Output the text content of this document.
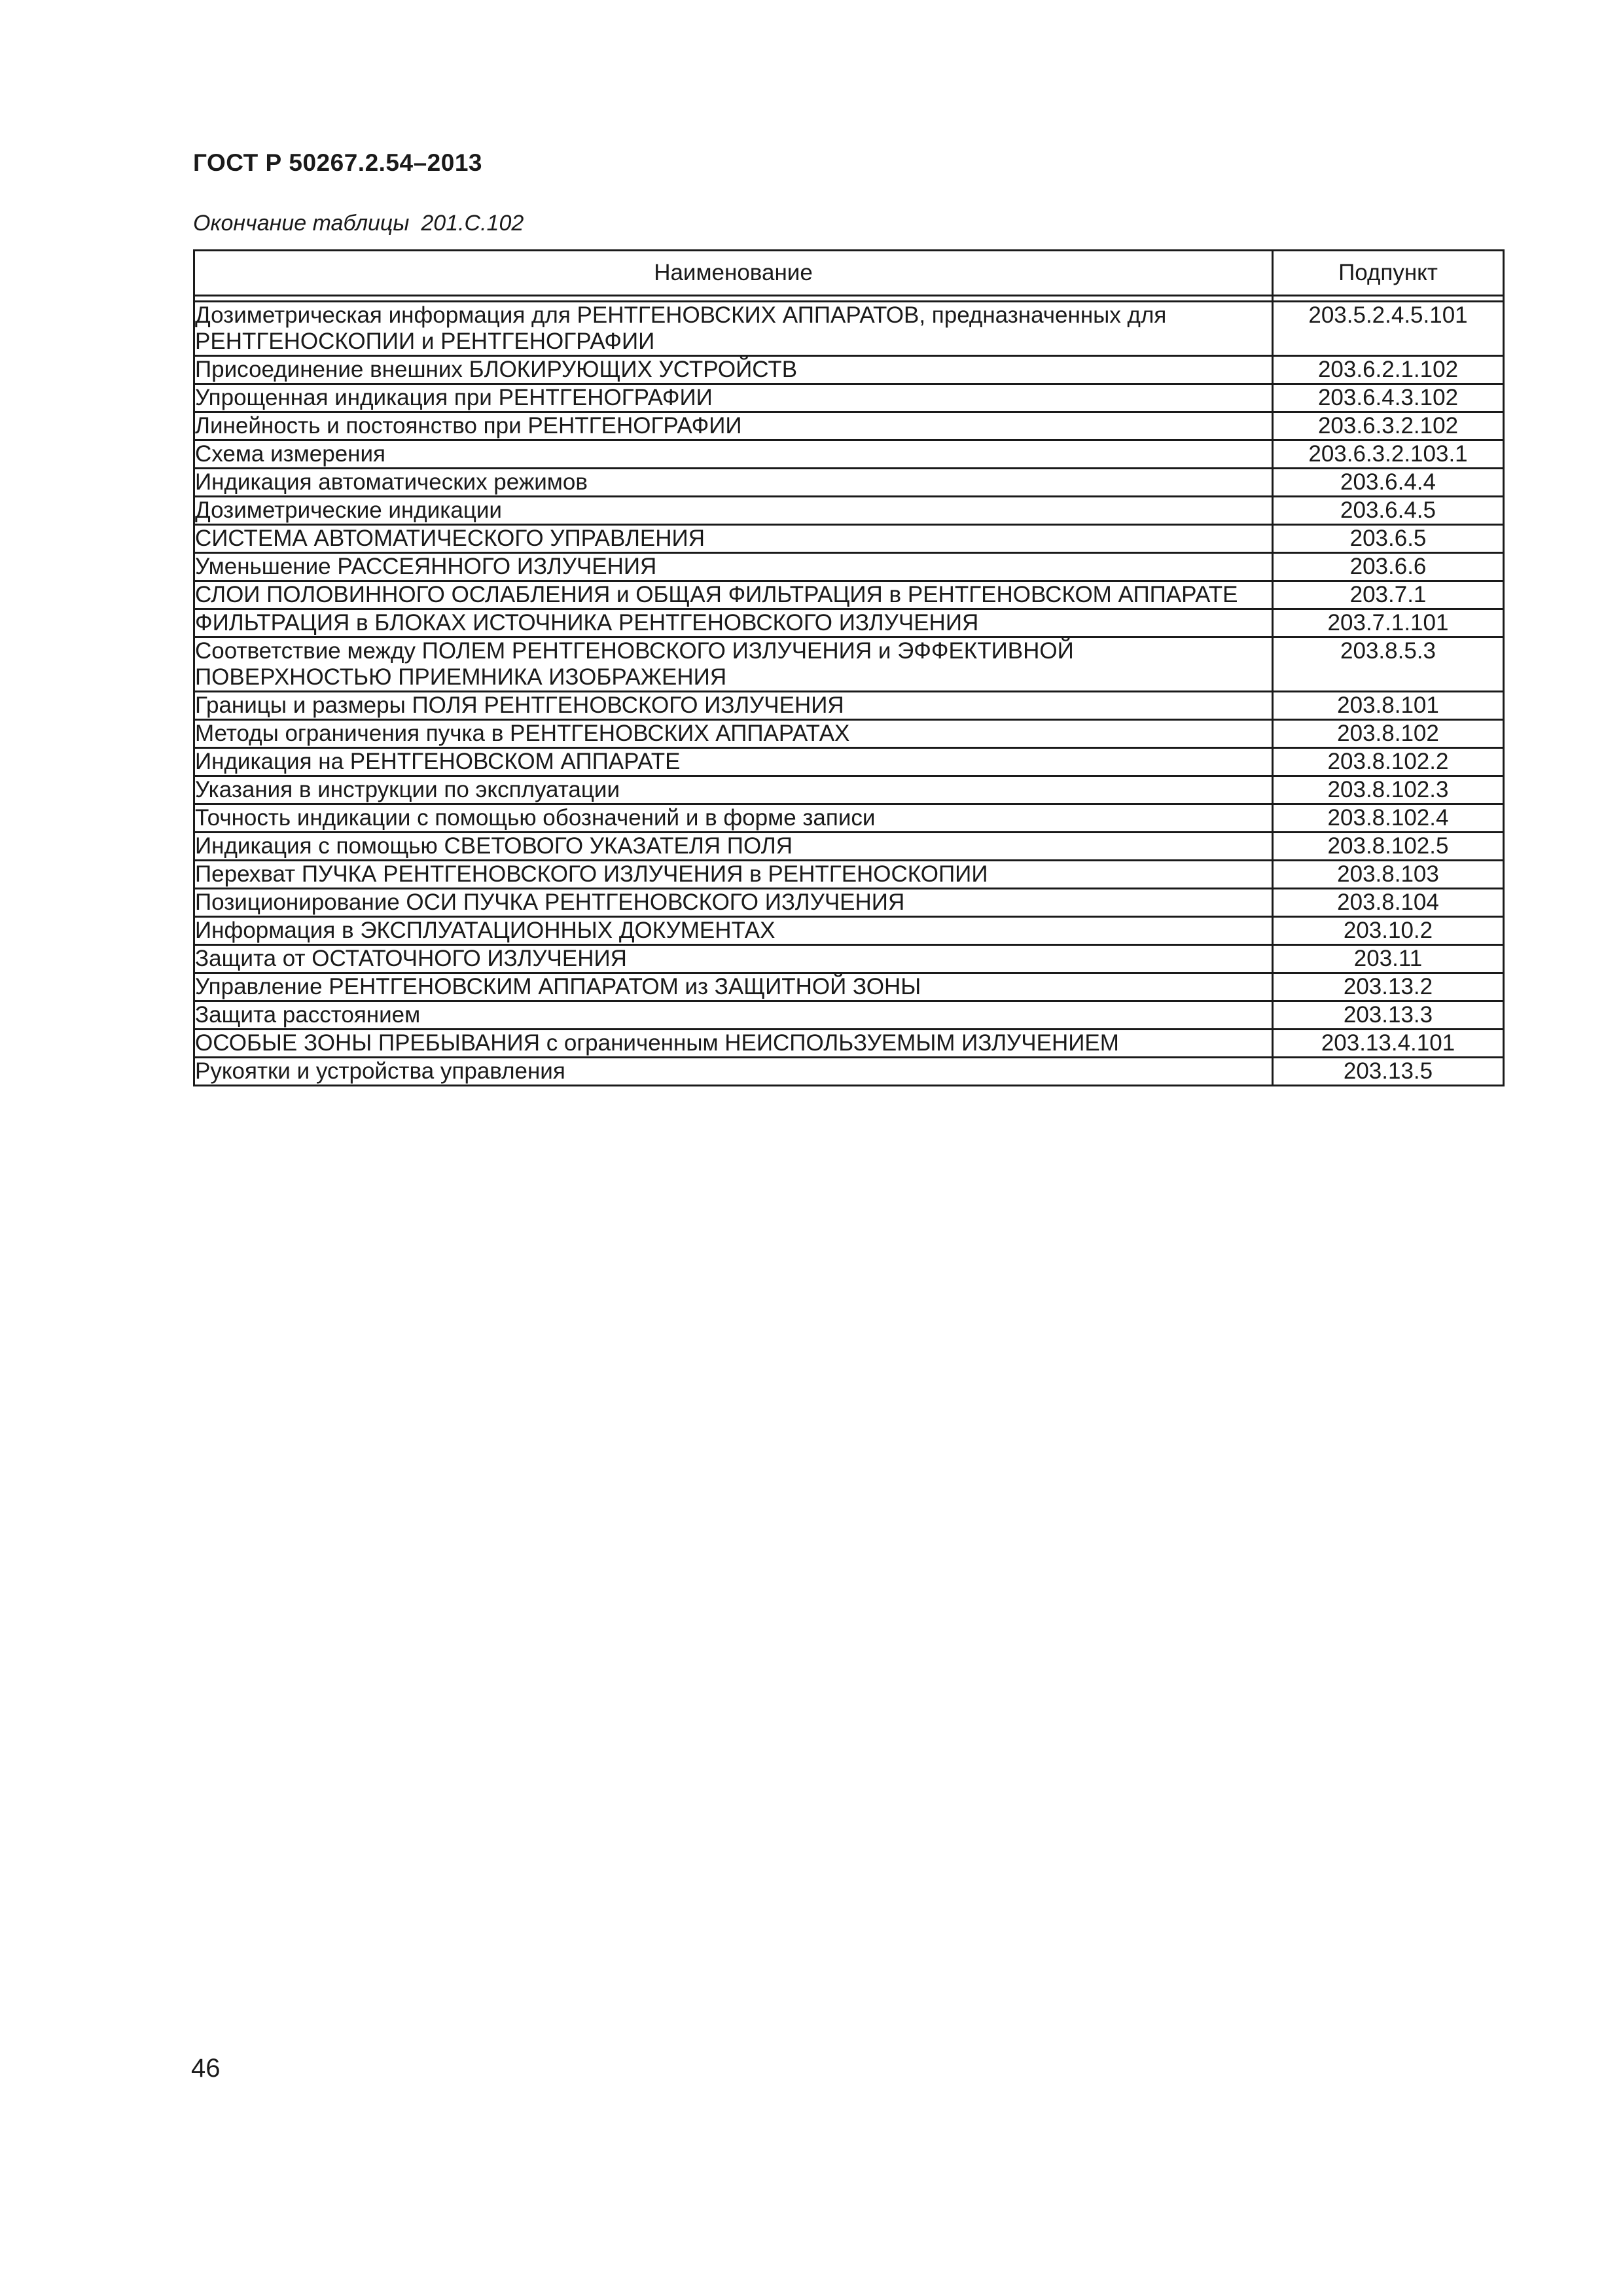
ГОСТ Р 50267.2.54–2013
Окончание таблицы 201.С.102
Наименование	Подпункт

Дозиметрическая информация для РЕНТГЕНОВСКИХ АППАРАТОВ, предназначенных для РЕНТГЕНОСКОПИИ и РЕНТГЕНОГРАФИИ	203.5.2.4.5.101
Присоединение внешних БЛОКИРУЮЩИХ УСТРОЙСТВ	203.6.2.1.102
Упрощенная индикация при РЕНТГЕНОГРАФИИ	203.6.4.3.102
Линейность и постоянство при РЕНТГЕНОГРАФИИ	203.6.3.2.102
Схема измерения	203.6.3.2.103.1
Индикация автоматических режимов	203.6.4.4
Дозиметрические индикации	203.6.4.5
СИСТЕМА АВТОМАТИЧЕСКОГО УПРАВЛЕНИЯ	203.6.5
Уменьшение РАССЕЯННОГО ИЗЛУЧЕНИЯ	203.6.6
СЛОИ ПОЛОВИННОГО ОСЛАБЛЕНИЯ и ОБЩАЯ ФИЛЬТРАЦИЯ в РЕНТГЕНОВСКОМ АППАРАТЕ	203.7.1
ФИЛЬТРАЦИЯ в БЛОКАХ ИСТОЧНИКА РЕНТГЕНОВСКОГО ИЗЛУЧЕНИЯ	203.7.1.101
Соответствие между ПОЛЕМ РЕНТГЕНОВСКОГО ИЗЛУЧЕНИЯ и ЭФФЕКТИВНОЙ ПОВЕРХНОСТЬЮ ПРИЕМНИКА ИЗОБРАЖЕНИЯ	203.8.5.3
Границы и размеры ПОЛЯ РЕНТГЕНОВСКОГО ИЗЛУЧЕНИЯ	203.8.101
Методы ограничения пучка в РЕНТГЕНОВСКИХ АППАРАТАХ	203.8.102
Индикация на РЕНТГЕНОВСКОМ АППАРАТЕ	203.8.102.2
Указания в инструкции по эксплуатации	203.8.102.3
Точность индикации с помощью обозначений и в форме записи	203.8.102.4
Индикация с помощью СВЕТОВОГО УКАЗАТЕЛЯ ПОЛЯ	203.8.102.5
Перехват ПУЧКА РЕНТГЕНОВСКОГО ИЗЛУЧЕНИЯ в РЕНТГЕНОСКОПИИ	203.8.103
Позиционирование ОСИ ПУЧКА РЕНТГЕНОВСКОГО ИЗЛУЧЕНИЯ	203.8.104
Информация в ЭКСПЛУАТАЦИОННЫХ ДОКУМЕНТАХ	203.10.2
Защита от ОСТАТОЧНОГО ИЗЛУЧЕНИЯ	203.11
Управление РЕНТГЕНОВСКИМ АППАРАТОМ из ЗАЩИТНОЙ ЗОНЫ	203.13.2
Защита расстоянием	203.13.3
ОСОБЫЕ ЗОНЫ ПРЕБЫВАНИЯ с ограниченным НЕИСПОЛЬЗУЕМЫМ ИЗЛУЧЕНИЕМ	203.13.4.101
Рукоятки и устройства управления	203.13.5
46
